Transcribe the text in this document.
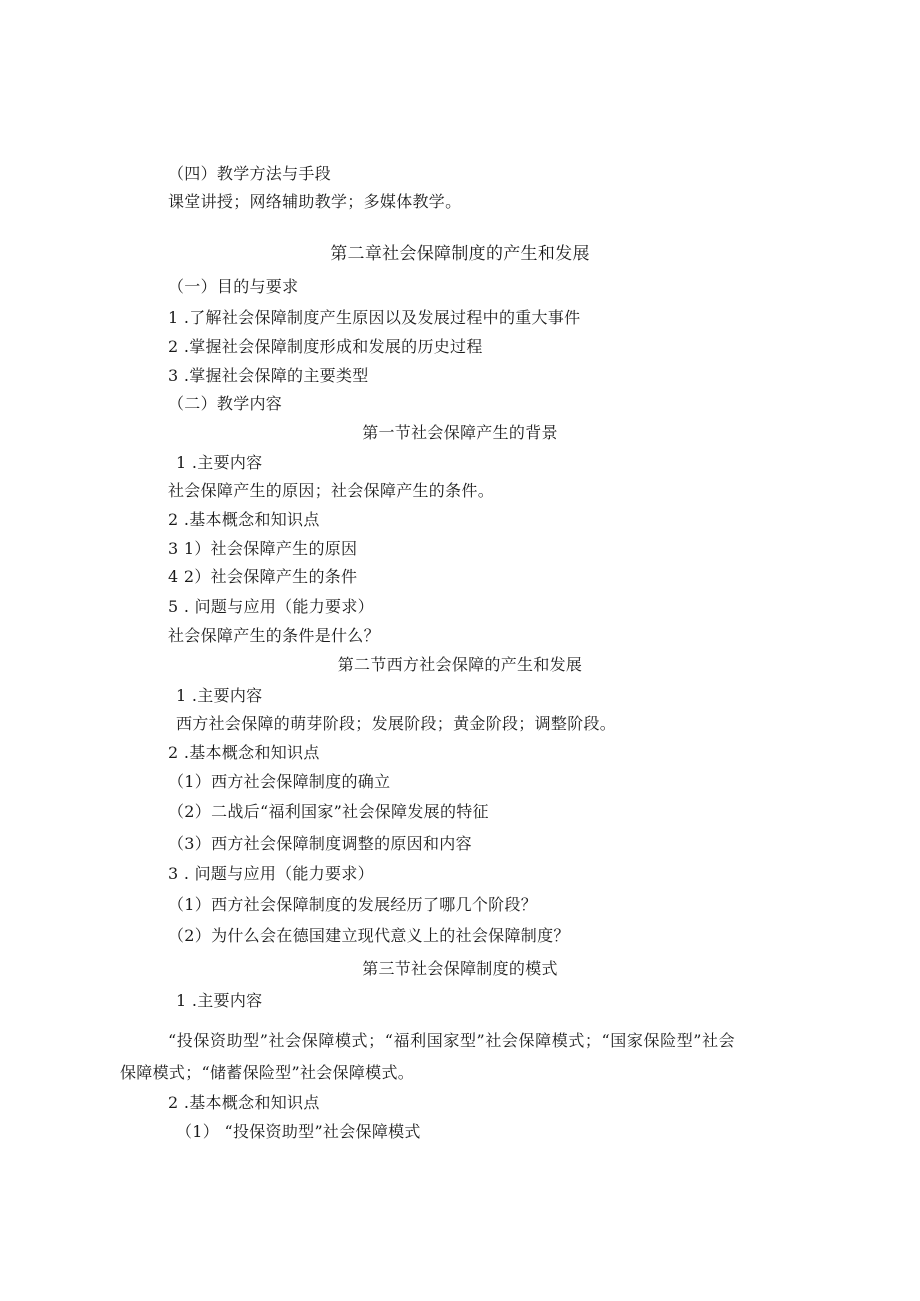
（四）教学方法与手段
课堂讲授；网络辅助教学；多媒体教学。
第二章社会保障制度的产生和发展
（一）目的与要求
1 .了解社会保障制度产生原因以及发展过程中的重大事件
2 .掌握社会保障制度形成和发展的历史过程
3 .掌握社会保障的主要类型
（二）教学内容
第一节社会保障产生的背景
1 .主要内容
社会保障产生的原因；社会保障产生的条件。
2 .基本概念和知识点
3 1）社会保障产生的原因
4 2）社会保障产生的条件
5 . 问题与应用（能力要求）
社会保障产生的条件是什么？
第二节西方社会保障的产生和发展
1 .主要内容
西方社会保障的萌芽阶段；发展阶段；黄金阶段；调整阶段。
2 .基本概念和知识点
（1）西方社会保障制度的确立
（2）二战后“福利国家”社会保障发展的特征
（3）西方社会保障制度调整的原因和内容
3 . 问题与应用（能力要求）
（1）西方社会保障制度的发展经历了哪几个阶段？
（2）为什么会在德国建立现代意义上的社会保障制度？
第三节社会保障制度的模式
1 .主要内容
“投保资助型”社会保障模式；“福利国家型”社会保障模式；“国家保险型”社会
保障模式；“储蓄保险型”社会保障模式。
2 .基本概念和知识点
（1） “投保资助型”社会保障模式
